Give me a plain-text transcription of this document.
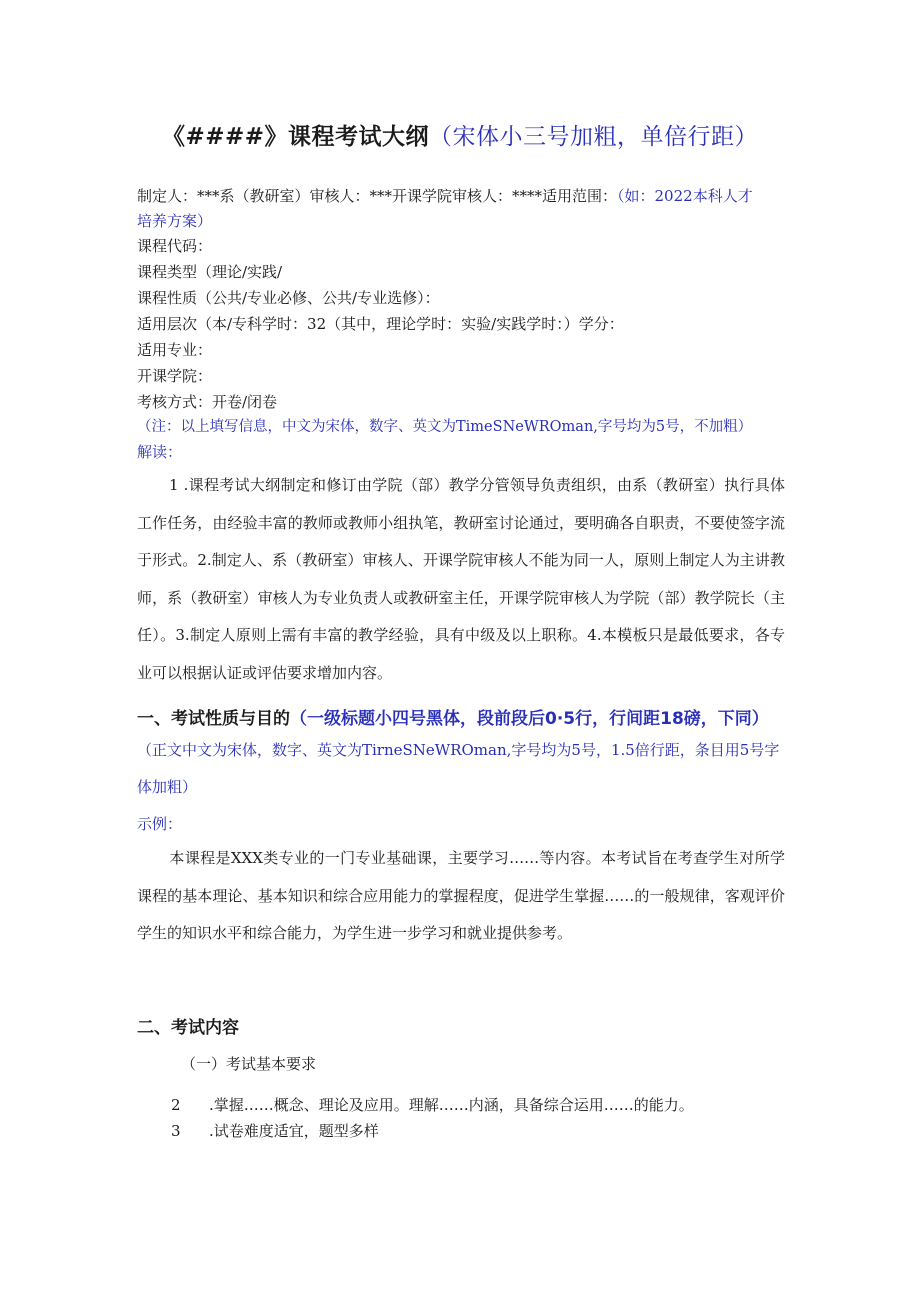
《####》课程考试大纲（宋体小三号加粗，单倍行距）
制定人：***系（教研室）审核人：***开课学院审核人：****适用范围：（如：2022本科人才
培养方案）
课程代码：
课程类型（理论/实践/
课程性质（公共/专业必修、公共/专业选修）：
适用层次（本/专科学时：32（其中，理论学时：实验/实践学时：）学分：
适用专业：
开课学院：
考核方式：开卷/闭卷
（注：以上填写信息，中文为宋体，数字、英文为TimeSNeWROman,字号均为5号，不加粗）
解读：
1 .课程考试大纲制定和修订由学院（部）教学分管领导负责组织，由系（教研室）执行具体工作任务，由经验丰富的教师或教师小组执笔，教研室讨论通过，要明确各自职责，不要使签字流于形式。2.制定人、系（教研室）审核人、开课学院审核人不能为同一人，原则上制定人为主讲教师，系（教研室）审核人为专业负责人或教研室主任，开课学院审核人为学院（部）教学院长（主任）。3.制定人原则上需有丰富的教学经验，具有中级及以上职称。4.本模板只是最低要求，各专业可以根据认证或评估要求增加内容。
一、考试性质与目的（一级标题小四号黑体，段前段后0·5行，行间距18磅，下同）
（正文中文为宋体，数字、英文为TirneSNeWROman,字号均为5号，1.5倍行距，条目用5号字体加粗）
示例：
本课程是XXX类专业的一门专业基础课，主要学习……等内容。本考试旨在考查学生对所学课程的基本理论、基本知识和综合应用能力的掌握程度，促进学生掌握……的一般规律，客观评价学生的知识水平和综合能力，为学生进一步学习和就业提供参考。
二、考试内容
（一）考试基本要求
2 .掌握……概念、理论及应用。理解……内涵，具备综合运用……的能力。
3 .试卷难度适宜，题型多样
